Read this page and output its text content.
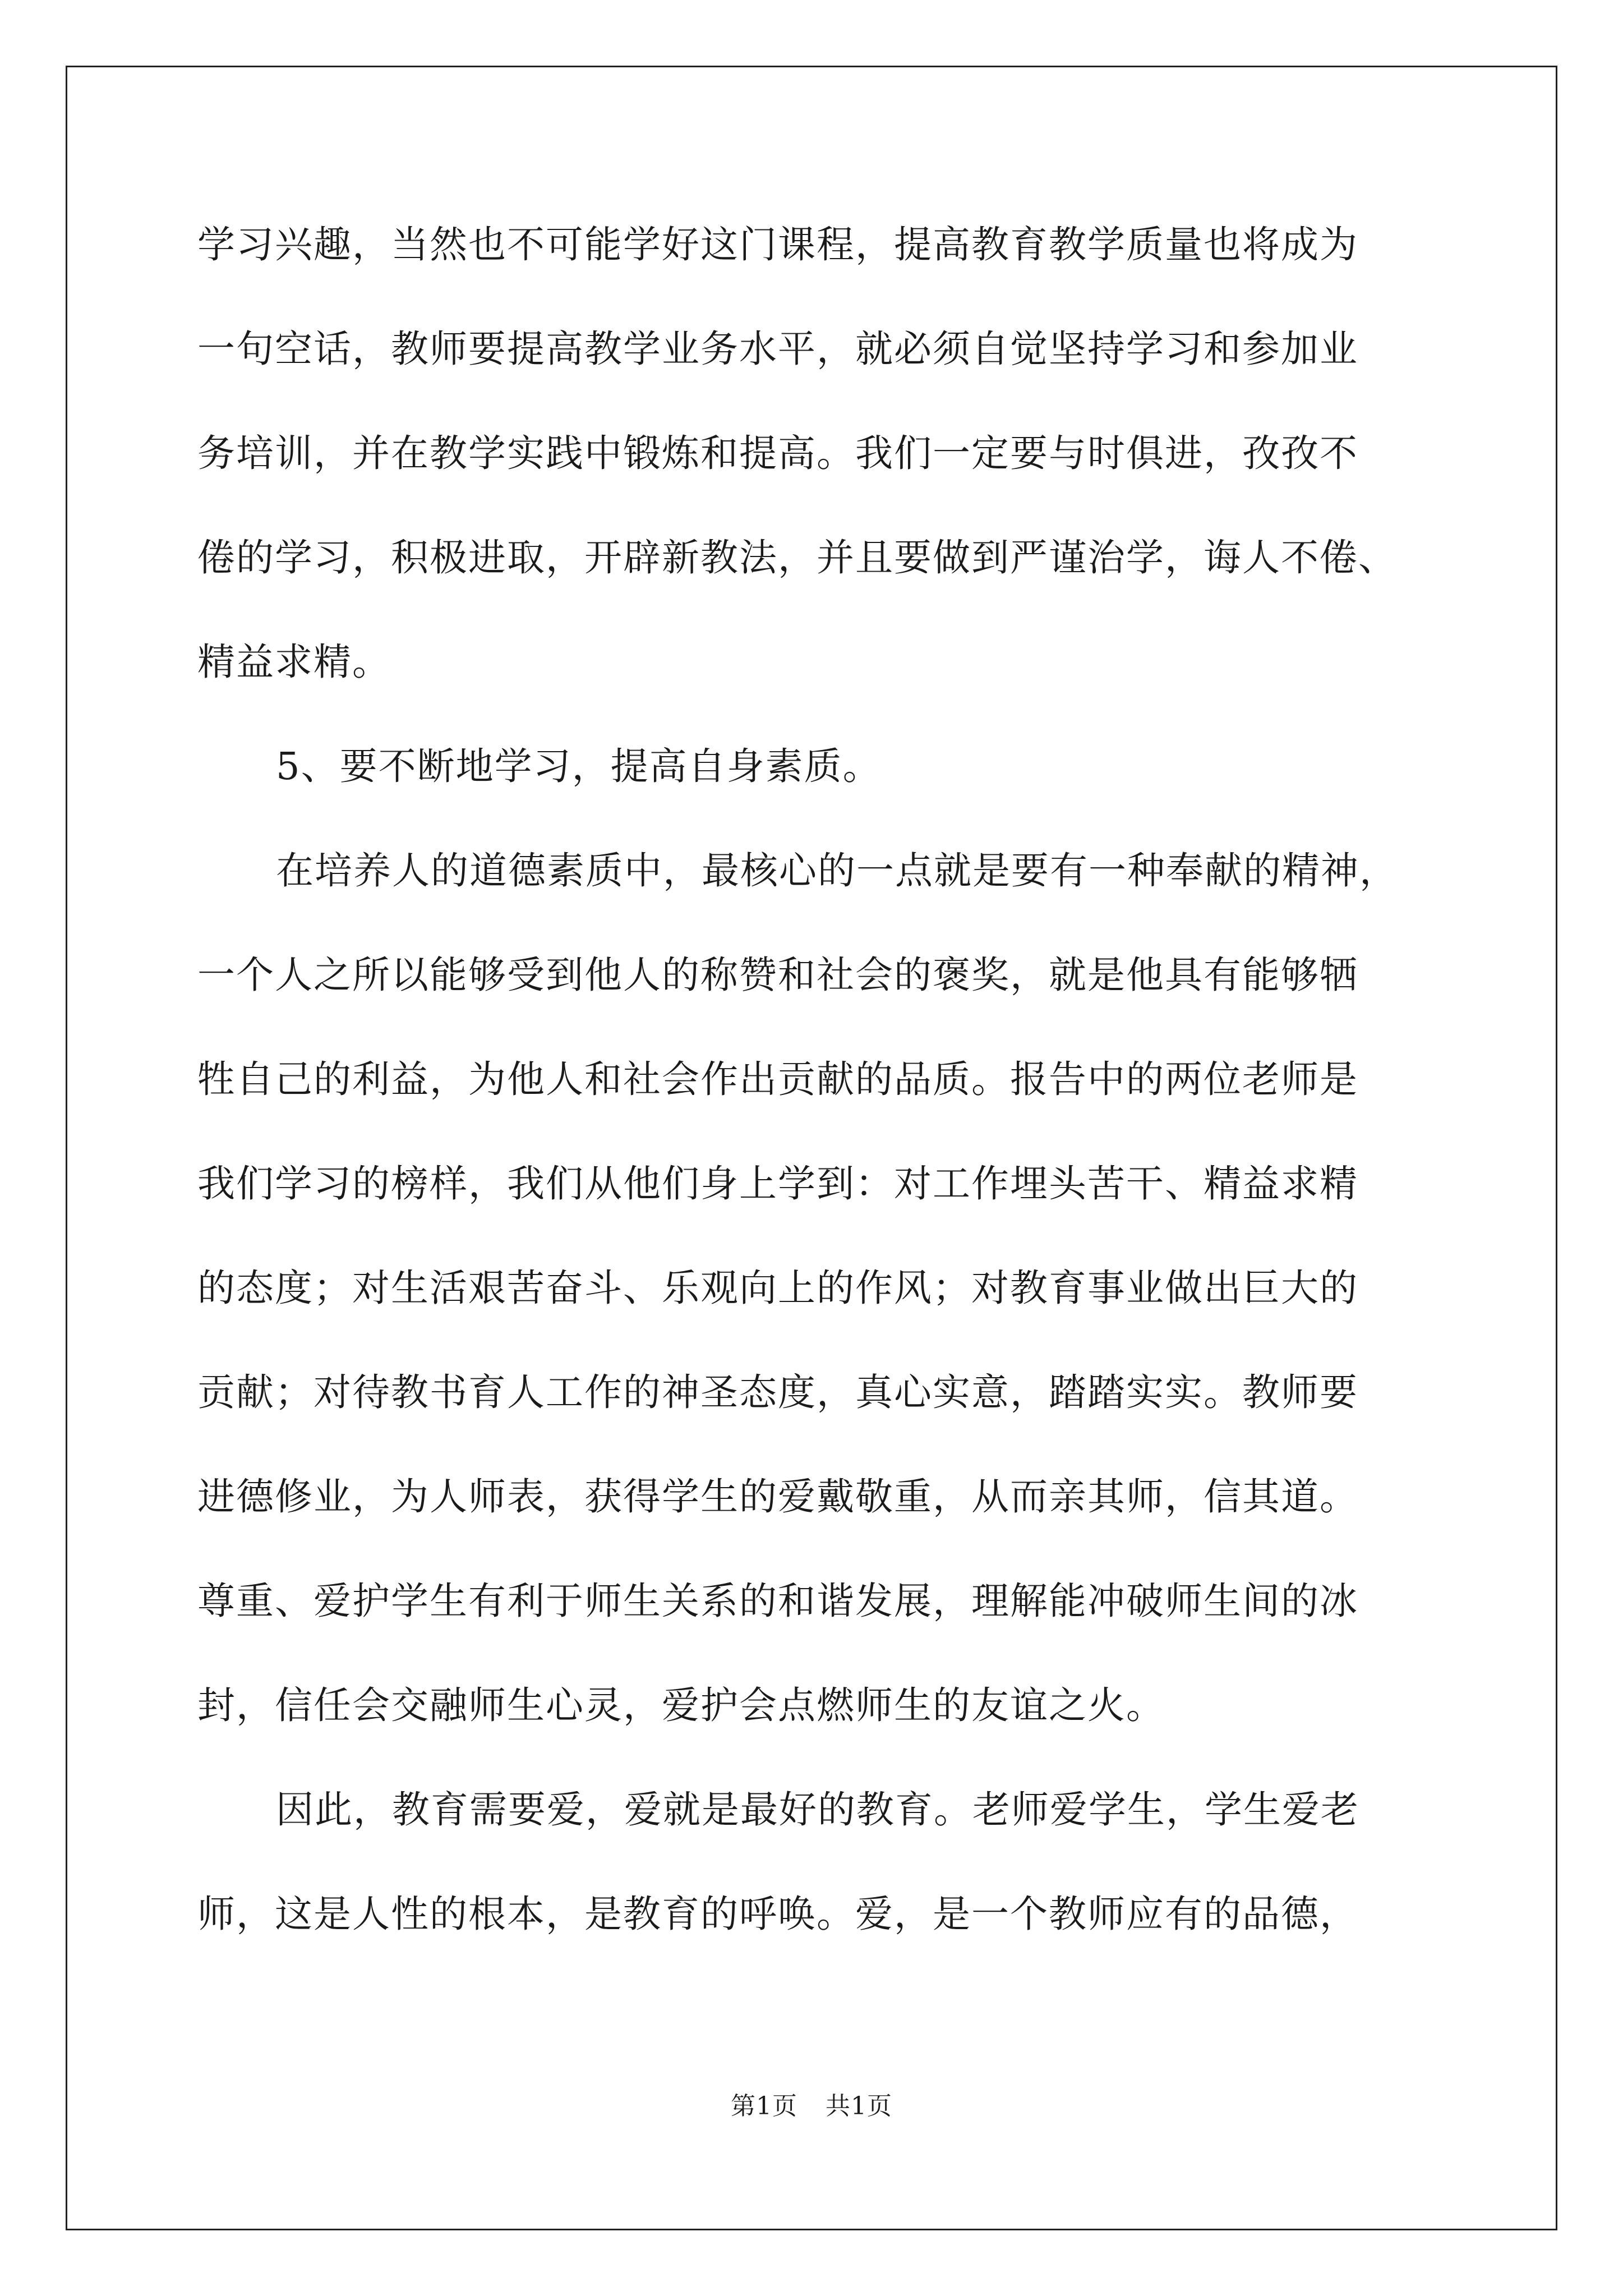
学习兴趣，当然也不可能学好这门课程，提高教育教学质量也将成为
一句空话，教师要提高教学业务水平，就必须自觉坚持学习和参加业
务培训，并在教学实践中锻炼和提高。我们一定要与时俱进，孜孜不
倦的学习，积极进取，开辟新教法，并且要做到严谨治学，诲人不倦、
精益求精。
5、要不断地学习，提高自身素质。
在培养人的道德素质中，最核心的一点就是要有一种奉献的精神，
一个人之所以能够受到他人的称赞和社会的褒奖，就是他具有能够牺
牲自己的利益，为他人和社会作出贡献的品质。报告中的两位老师是
我们学习的榜样，我们从他们身上学到：对工作埋头苦干、精益求精
的态度；对生活艰苦奋斗、乐观向上的作风；对教育事业做出巨大的
贡献；对待教书育人工作的神圣态度，真心实意，踏踏实实。教师要
进德修业，为人师表，获得学生的爱戴敬重，从而亲其师，信其道。
尊重、爱护学生有利于师生关系的和谐发展，理解能冲破师生间的冰
封，信任会交融师生心灵，爱护会点燃师生的友谊之火。
因此，教育需要爱，爱就是最好的教育。老师爱学生，学生爱老
师，这是人性的根本，是教育的呼唤。爱，是一个教师应有的品德，
第1页 共1页
